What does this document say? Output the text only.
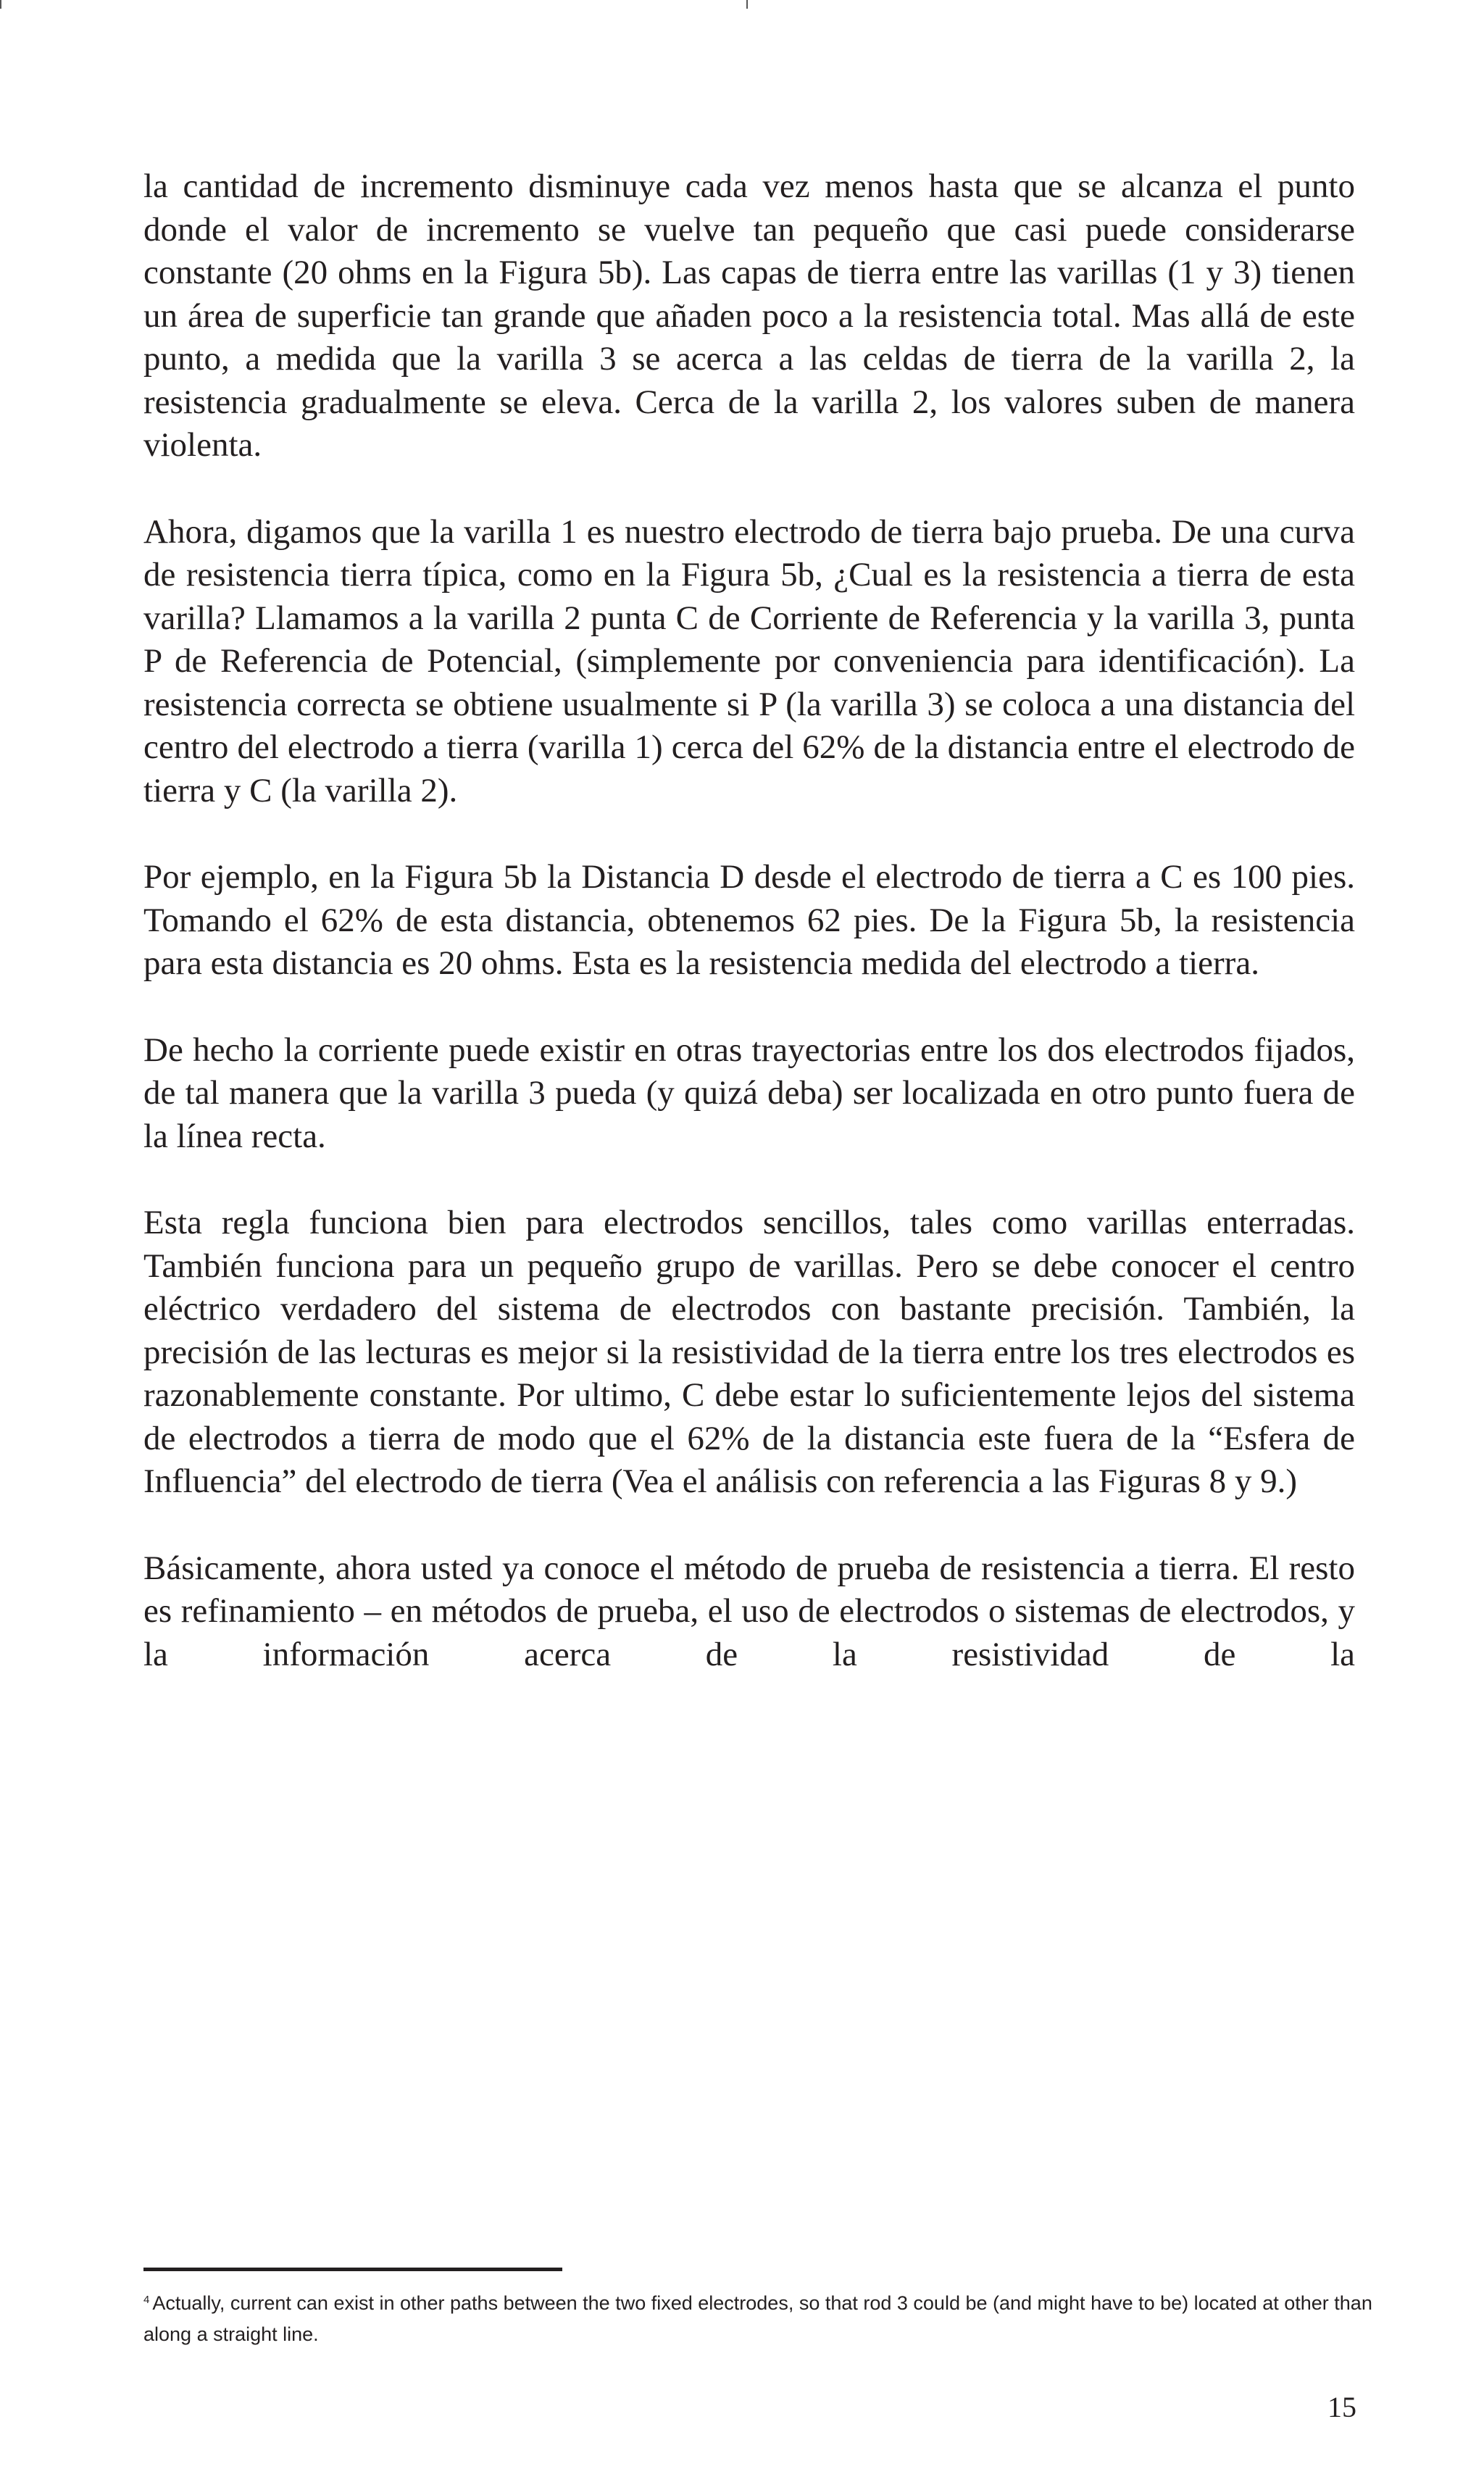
la cantidad de incremento disminuye cada vez menos hasta que se alcanza el punto donde el valor de incremento se vuelve tan pequeño que casi puede considerarse constante (20 ohms en la Figura 5b). Las capas de tierra entre las varillas (1 y 3) tienen un área de superficie tan grande que añaden poco a la resistencia total. Mas allá de este punto, a medida que la varilla 3 se acerca a las celdas de tierra de la varilla 2, la resistencia gradualmente se eleva. Cerca de la varilla 2, los valores suben de manera violenta.

Ahora, digamos que la varilla 1 es nuestro electrodo de tierra bajo prueba. De una curva de resistencia tierra típica, como en la Figura 5b, ¿Cual es la resistencia a tierra de esta varilla? Llamamos a la varilla 2 punta C de Corriente de Referencia y la varilla 3, punta P de Referencia de Potencial, (simplemente por conveniencia para identificación). La resistencia correcta se obtiene usualmente si P (la varilla 3) se coloca a una distancia del centro del electrodo a tierra (varilla 1) cerca del 62% de la distancia entre el electrodo de tierra y C (la varilla 2).

Por ejemplo, en la Figura 5b la Distancia D desde el electrodo de tierra a C es 100 pies. Tomando el 62% de esta distancia, obtenemos 62 pies. De la Figura 5b, la resistencia para esta distancia es 20 ohms. Esta es la resistencia medida del electrodo a tierra.

De hecho la corriente puede existir en otras trayectorias entre los dos electrodos fijados, de tal manera que la varilla 3 pueda (y quizá deba) ser localizada en otro punto fuera de la línea recta.

Esta regla funciona bien para electrodos sencillos, tales como varillas enterradas. También funciona para un pequeño grupo de varillas. Pero se debe conocer el centro eléctrico verdadero del sistema de electrodos con bastante precisión. También, la precisión de las lecturas es mejor si la resistividad de la tierra entre los tres electrodos es razonablemente constante. Por ultimo, C debe estar lo suficientemente lejos del sistema de electrodos a tierra de modo que el 62% de la distancia este fuera de la “Esfera de Influencia” del electrodo de tierra (Vea el análisis con referencia a las Figuras 8 y 9.)

Básicamente, ahora usted ya conoce el método de prueba de resistencia a tierra. El resto es refinamiento – en métodos de prueba, el uso de electrodos o sistemas de electrodos, y la información acerca de la resistividad de la

$^4$ Actually, current can exist in other paths between the two fixed electrodes, so that rod 3 could be (and might have to be) located at other than along a straight line.
15
